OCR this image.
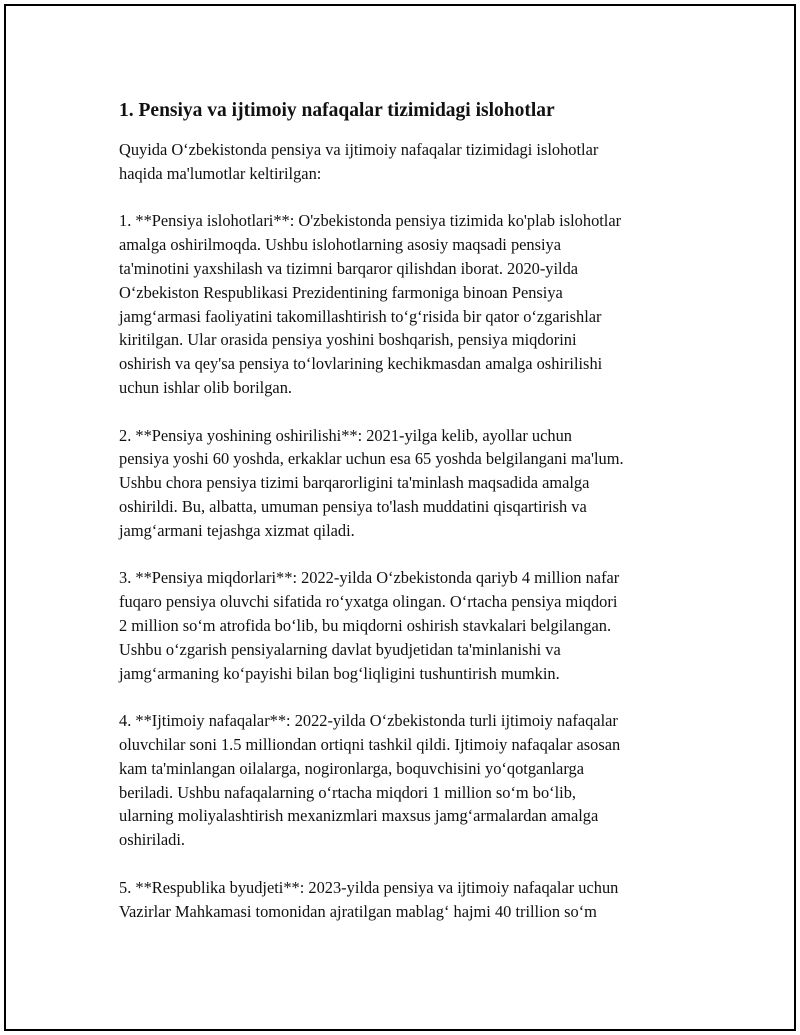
1. Pensiya va ijtimoiy nafaqalar tizimidagi islohotlar

Quyida O‘zbekistonda pensiya va ijtimoiy nafaqalar tizimidagi islohotlar
haqida ma'lumotlar keltirilgan:

1. **Pensiya islohotlari**: O'zbekistonda pensiya tizimida ko'plab islohotlar
amalga oshirilmoqda. Ushbu islohotlarning asosiy maqsadi pensiya
ta'minotini yaxshilash va tizimni barqaror qilishdan iborat. 2020-yilda
O‘zbekiston Respublikasi Prezidentining farmoniga binoan Pensiya
jamg‘armasi faoliyatini takomillashtirish to‘g‘risida bir qator o‘zgarishlar
kiritilgan. Ular orasida pensiya yoshini boshqarish, pensiya miqdorini
oshirish va qey'sa pensiya to‘lovlarining kechikmasdan amalga oshirilishi
uchun ishlar olib borilgan.

2. **Pensiya yoshining oshirilishi**: 2021-yilga kelib, ayollar uchun
pensiya yoshi 60 yoshda, erkaklar uchun esa 65 yoshda belgilangani ma'lum.
Ushbu chora pensiya tizimi barqarorligini ta'minlash maqsadida amalga
oshirildi. Bu, albatta, umuman pensiya to'lash muddatini qisqartirish va
jamg‘armani tejashga xizmat qiladi.

3. **Pensiya miqdorlari**: 2022-yilda O‘zbekistonda qariyb 4 million nafar
fuqaro pensiya oluvchi sifatida ro‘yxatga olingan. O‘rtacha pensiya miqdori
2 million so‘m atrofida bo‘lib, bu miqdorni oshirish stavkalari belgilangan.
Ushbu o‘zgarish pensiyalarning davlat byudjetidan ta'minlanishi va
jamg‘armaning ko‘payishi bilan bog‘liqligini tushuntirish mumkin.

4. **Ijtimoiy nafaqalar**: 2022-yilda O‘zbekistonda turli ijtimoiy nafaqalar
oluvchilar soni 1.5 milliondan ortiqni tashkil qildi. Ijtimoiy nafaqalar asosan
kam ta'minlangan oilalarga, nogironlarga, boquvchisini yo‘qotganlarga
beriladi. Ushbu nafaqalarning o‘rtacha miqdori 1 million so‘m bo‘lib,
ularning moliyalashtirish mexanizmlari maxsus jamg‘armalardan amalga
oshiriladi.

5. **Respublika byudjeti**: 2023-yilda pensiya va ijtimoiy nafaqalar uchun
Vazirlar Mahkamasi tomonidan ajratilgan mablag‘ hajmi 40 trillion so‘m
